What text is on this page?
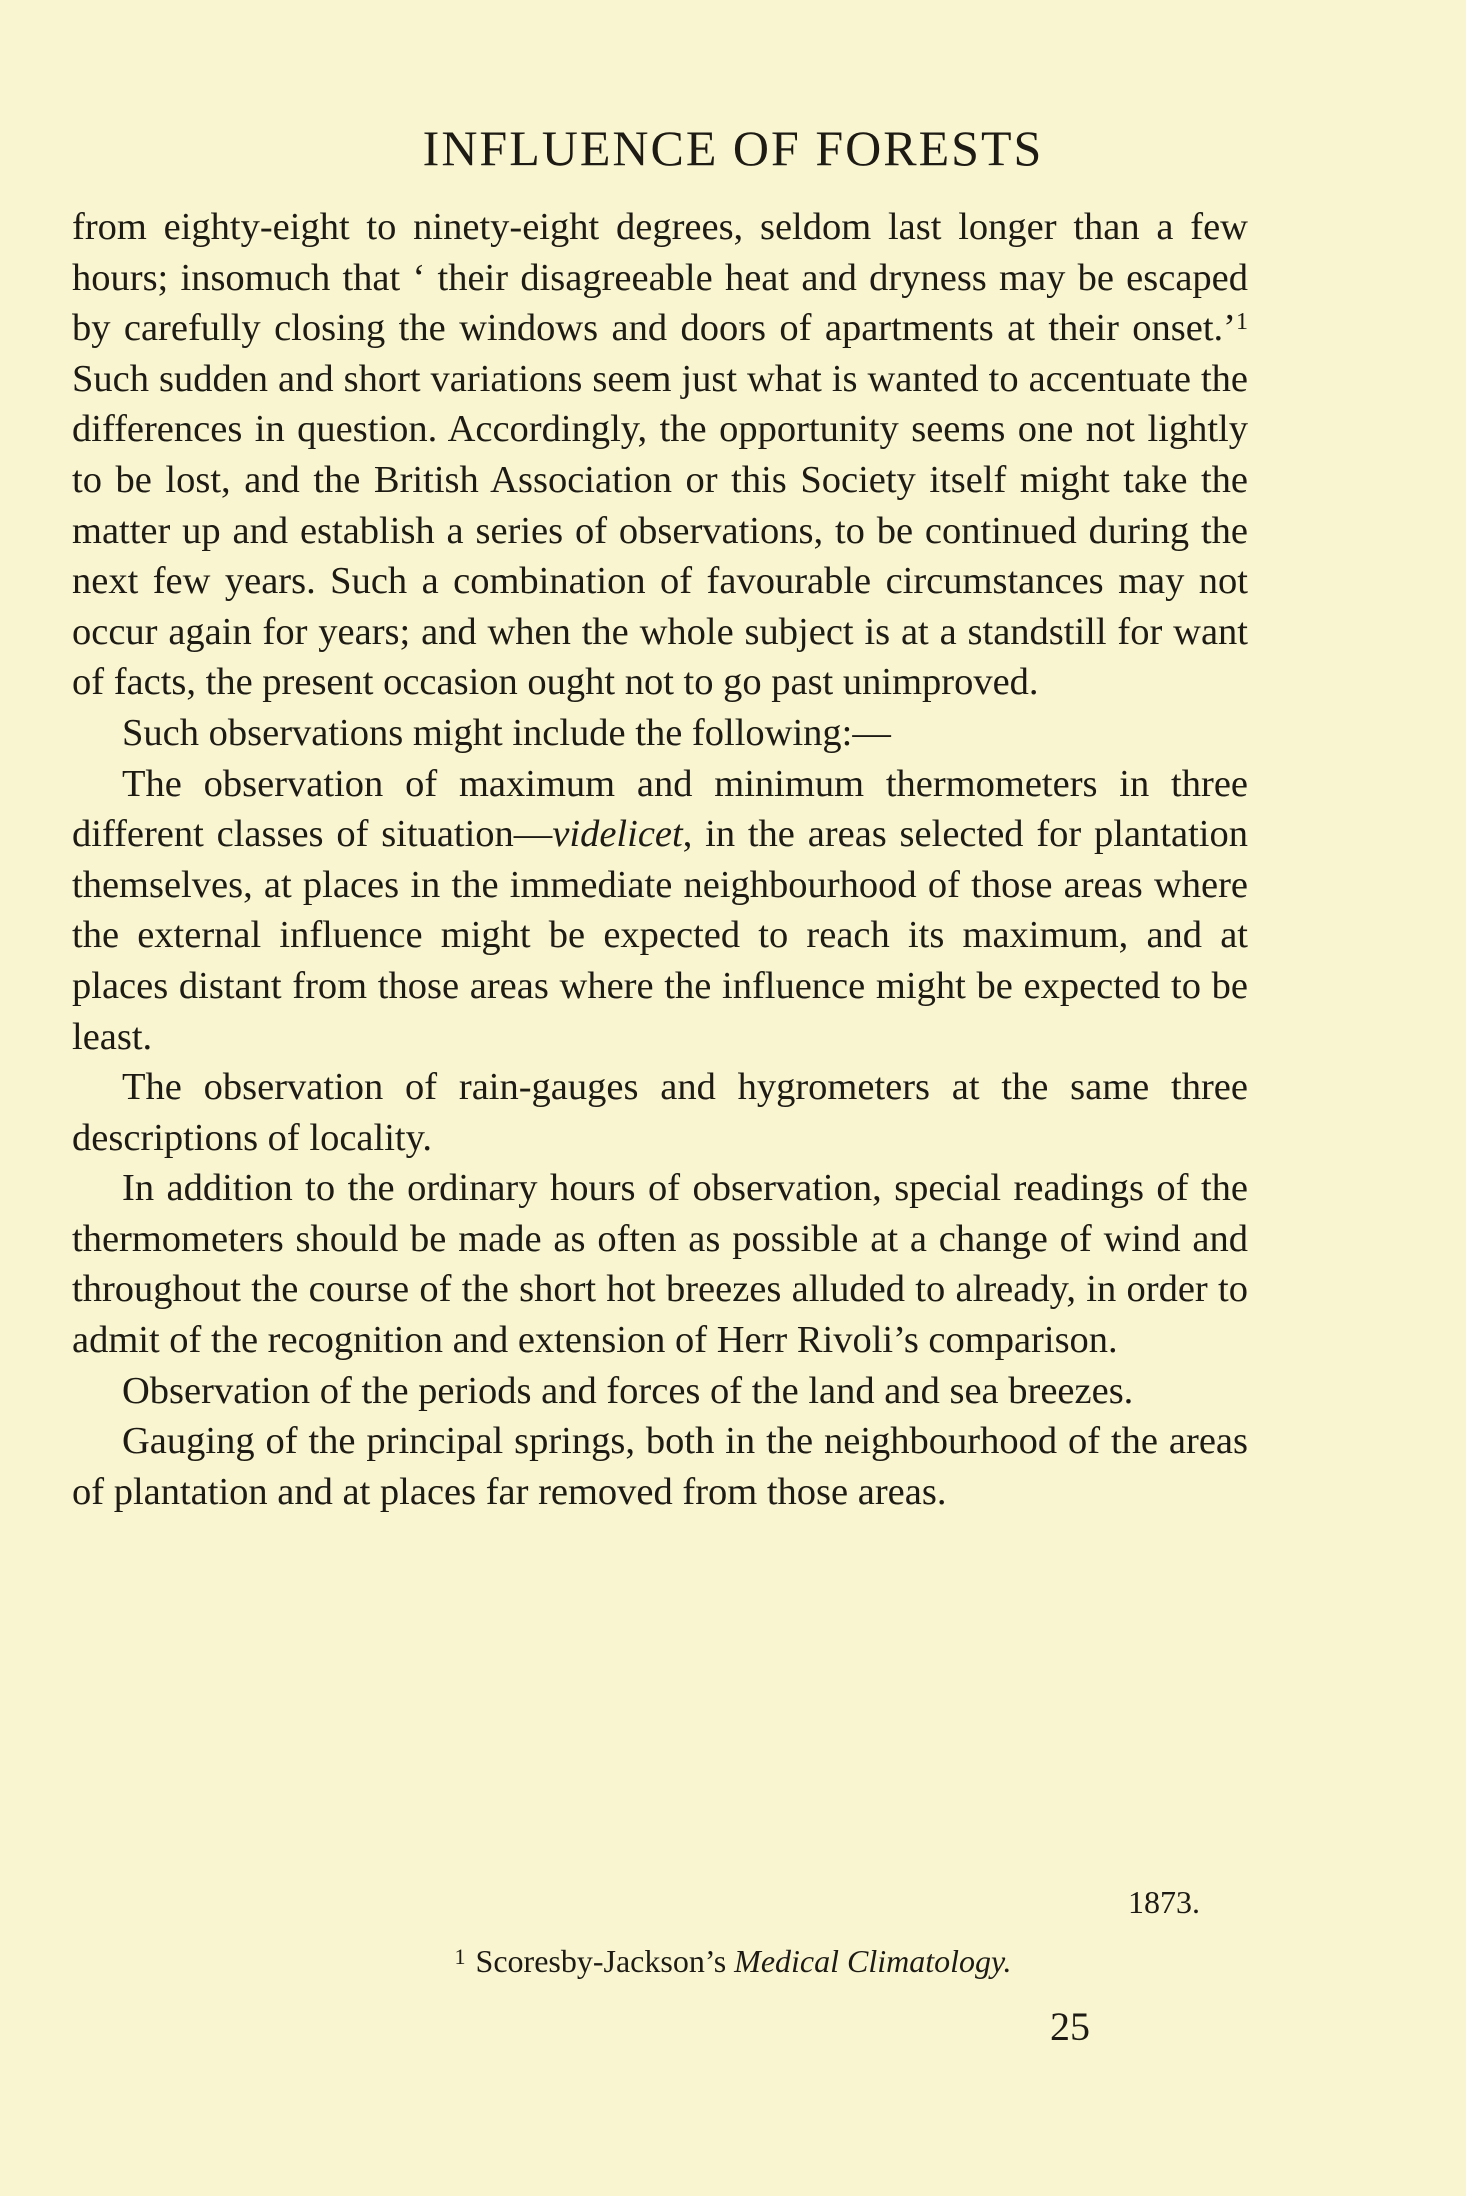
INFLUENCE OF FORESTS

from eighty-eight to ninety-eight degrees, seldom last longer than a few hours; insomuch that ‘ their disagreeable heat and dryness may be escaped by carefully closing the windows and doors of apartments at their onset.’$^1$ Such sudden and short variations seem just what is wanted to accentuate the differences in question. Accordingly, the opportunity seems one not lightly to be lost, and the British Association or this Society itself might take the matter up and establish a series of observations, to be continued during the next few years. Such a combination of favourable circumstances may not occur again for years; and when the whole subject is at a standstill for want of facts, the present occasion ought not to go past unimproved.

Such observations might include the following:—

The observation of maximum and minimum thermometers in three different classes of situation—videlicet, in the areas selected for plantation themselves, at places in the immediate neighbourhood of those areas where the external influence might be expected to reach its maximum, and at places distant from those areas where the influence might be expected to be least.

The observation of rain-gauges and hygrometers at the same three descriptions of locality.

In addition to the ordinary hours of observation, special readings of the thermometers should be made as often as possible at a change of wind and throughout the course of the short hot breezes alluded to already, in order to admit of the recognition and extension of Herr Rivoli’s comparison.

Observation of the periods and forces of the land and sea breezes.

Gauging of the principal springs, both in the neighbourhood of the areas of plantation and at places far removed from those areas.

1873.
$^1$ Scoresby-Jackson’s Medical Climatology.
25
